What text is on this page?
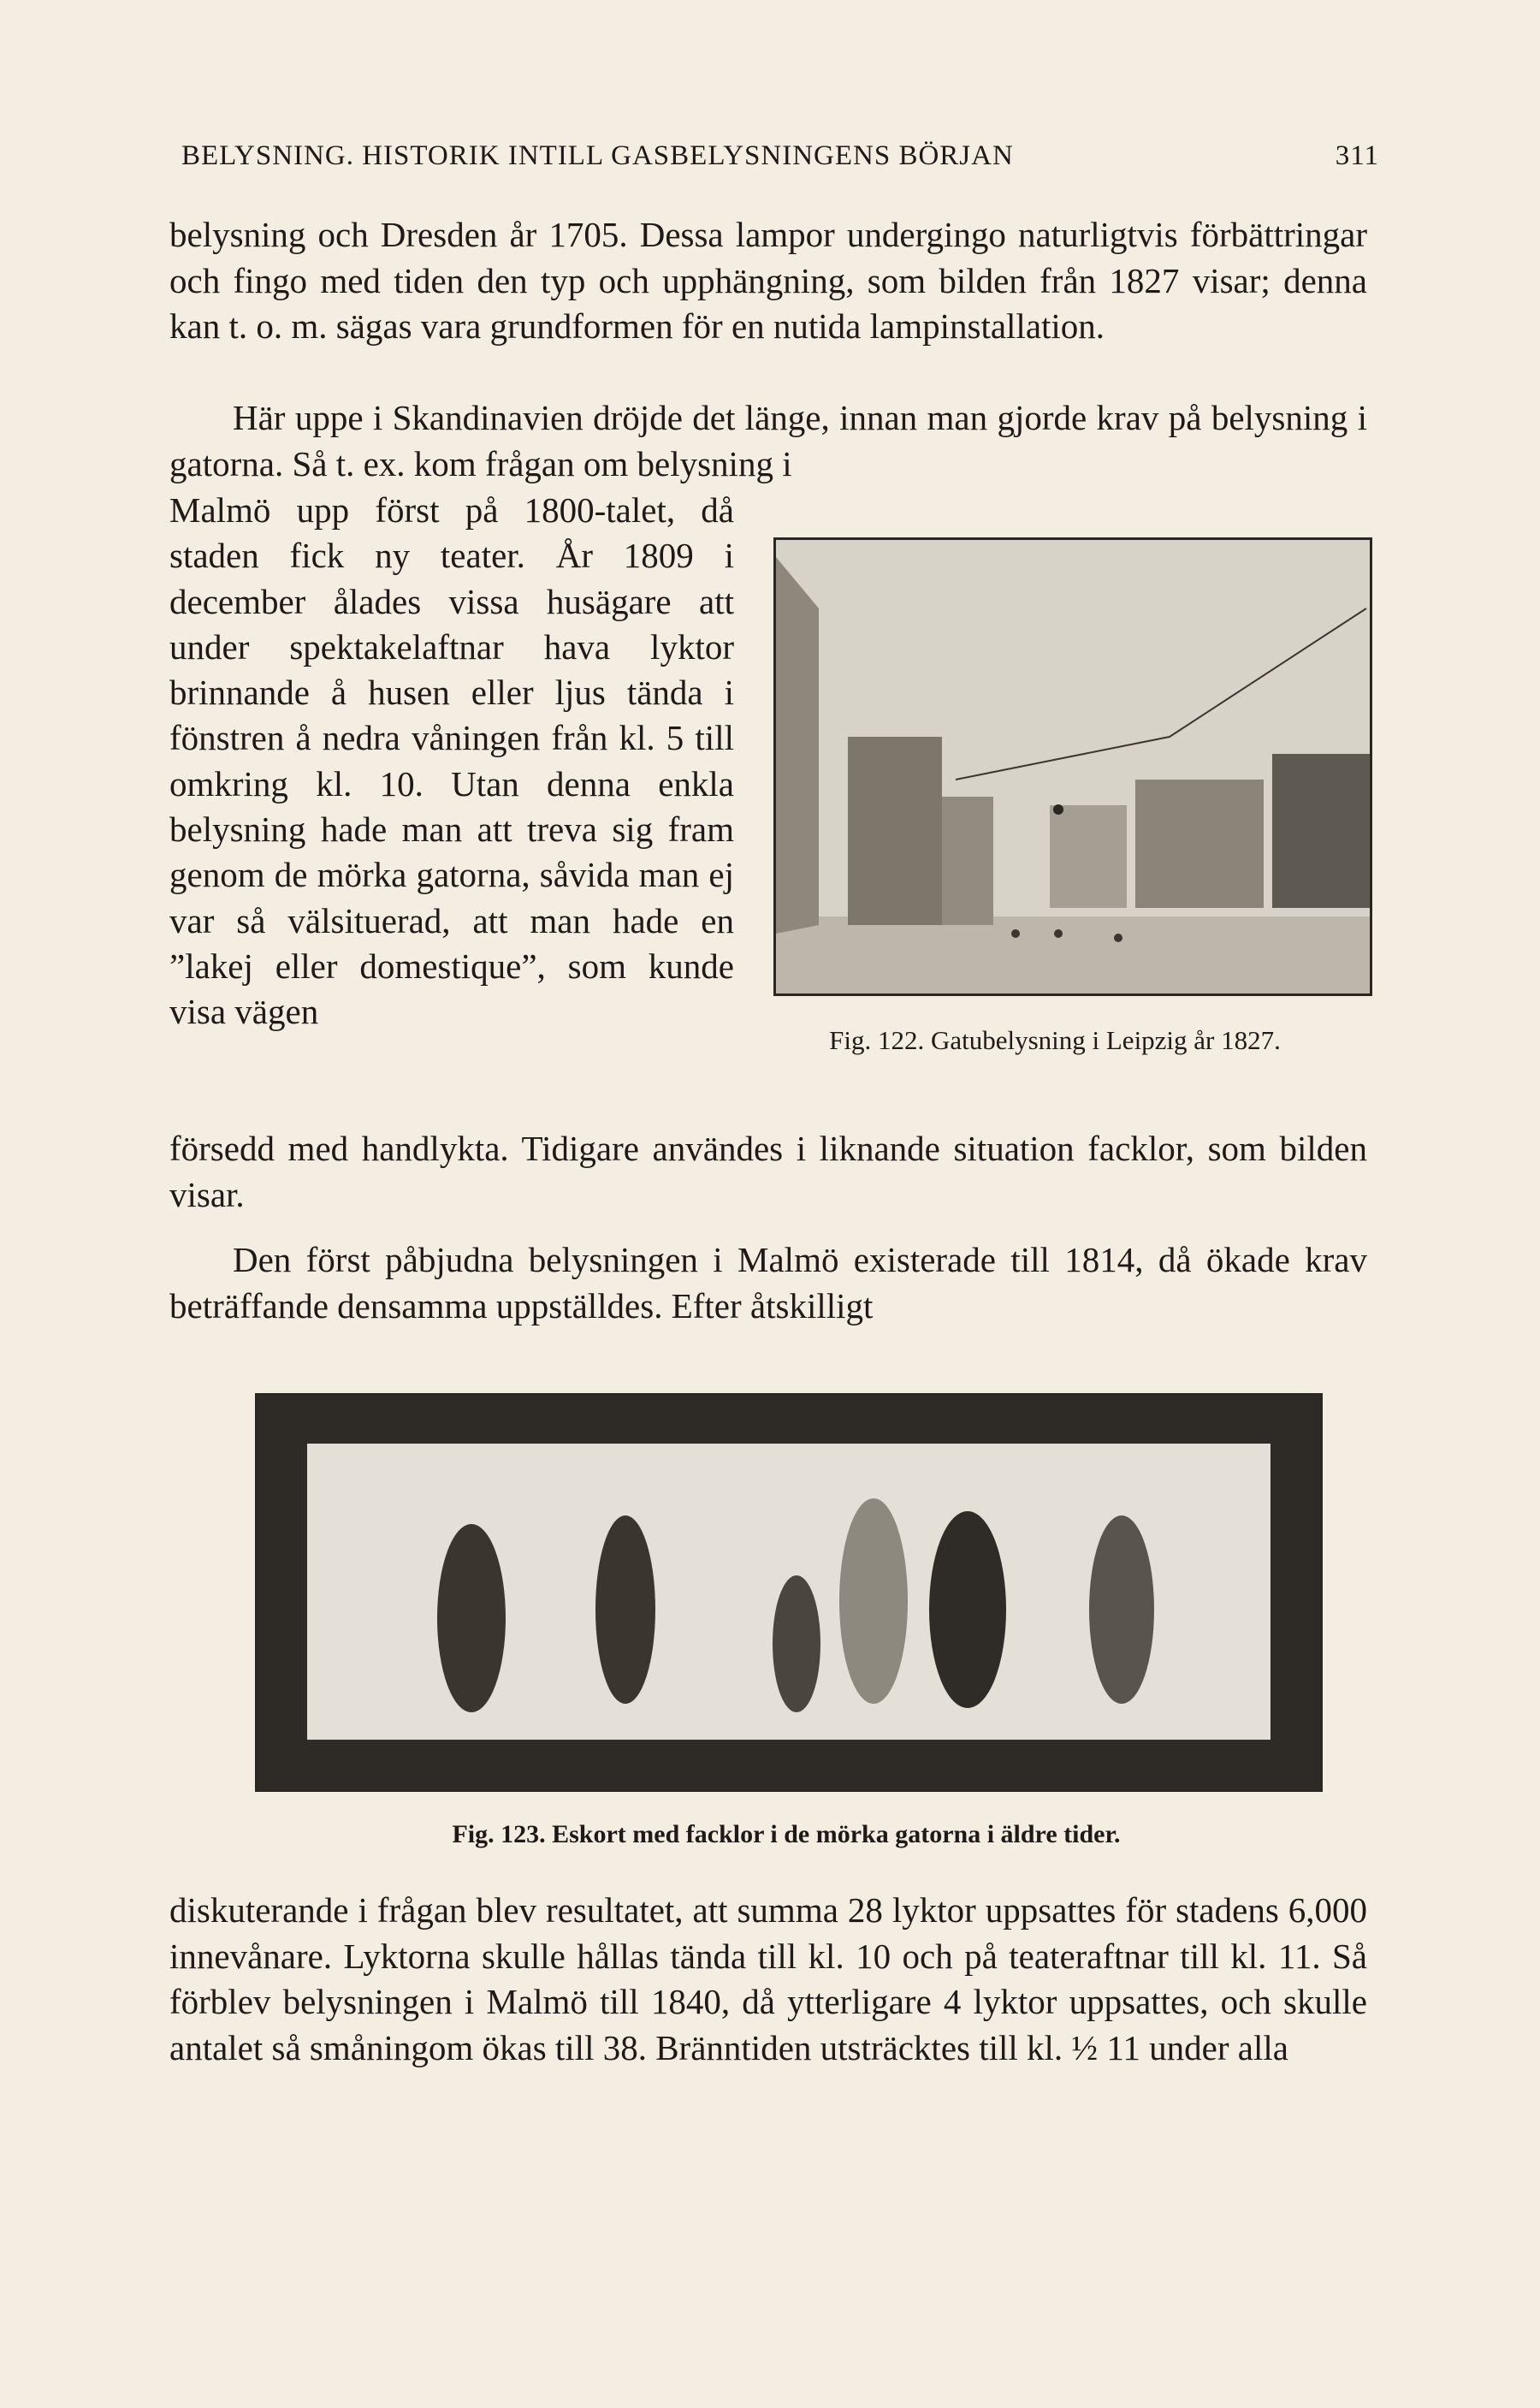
BELYSNING. HISTORIK INTILL GASBELYSNINGENS BÖRJAN	311

belysning och Dresden år 1705. Dessa lampor undergingo naturligtvis förbättringar och fingo med tiden den typ och upphängning, som bilden från 1827 visar; denna kan t. o. m. sägas vara grundformen för en nutida lampinstallation.

Här uppe i Skandinavien dröjde det länge, innan man gjorde krav på belysning i gatorna. Så t. ex. kom frågan om belysning i

Malmö upp först på 1800-talet, då staden fick ny teater. År 1809 i december ålades vissa husägare att under spektakelaftnar hava lyktor brinnande å husen eller ljus tända i fönstren å nedra våningen från kl. 5 till omkring kl. 10. Utan denna enkla belysning hade man att treva sig fram genom de mörka gatorna, såvida man ej var så välsituerad, att man hade en ”lakej eller domestique”, som kunde visa vägen

försedd med handlykta. Tidigare användes i liknande situation facklor, som bilden visar.

Den först påbjudna belysningen i Malmö existerade till 1814, då ökade krav beträffande densamma uppställdes. Efter åtskilligt

diskuterande i frågan blev resultatet, att summa 28 lyktor uppsattes för stadens 6,000 innevånare. Lyktorna skulle hållas tända till kl. 10 och på teateraftnar till kl. 11. Så förblev belysningen i Malmö till 1840, då ytterligare 4 lyktor uppsattes, och skulle antalet så småningom ökas till 38. Bränntiden utsträcktes till kl. ½ 11 under alla

Fig. 122. Gatubelysning i Leipzig år 1827.
Fig. 123. Eskort med facklor i de mörka gatorna i äldre tider.
